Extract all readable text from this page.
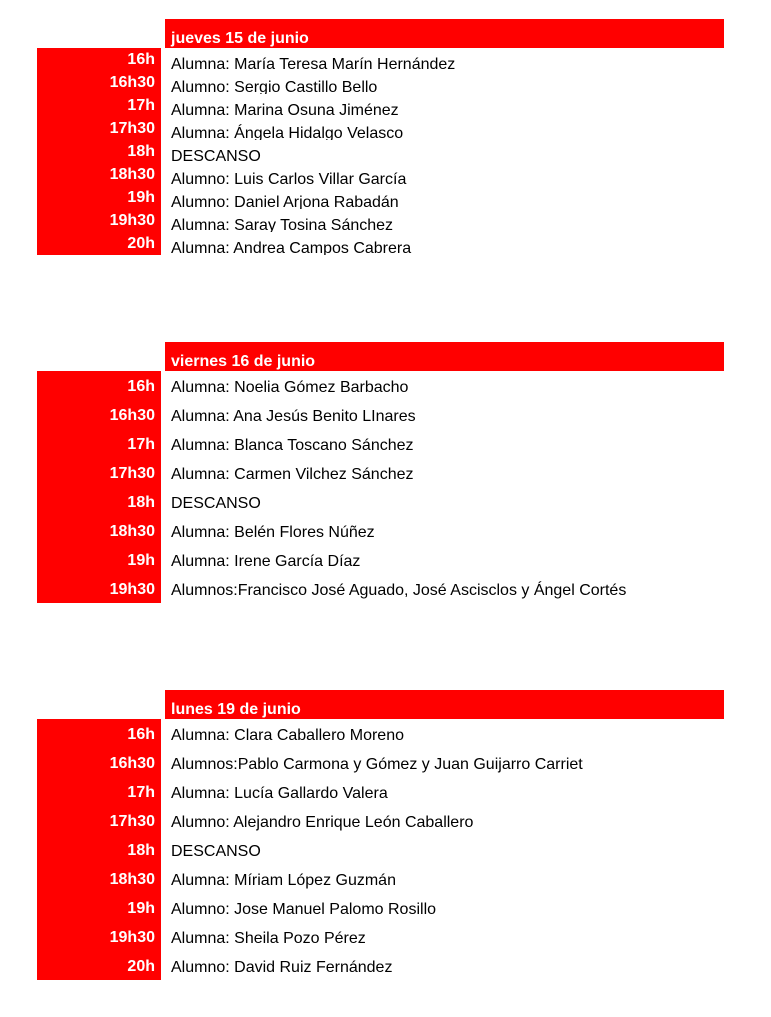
jueves 15 de junio
16h	Alumna: María Teresa Marín Hernández
16h30	Alumno: Sergio Castillo Bello
17h	Alumna: Marina Osuna Jiménez
17h30	Alumna: Ángela Hidalgo Velasco
18h	DESCANSO
18h30	Alumno: Luis Carlos Villar García
19h	Alumno: Daniel Arjona Rabadán
19h30	Alumna: Saray Tosina Sánchez
20h	Alumna: Andrea Campos Cabrera
viernes 16 de junio
16h	Alumna: Noelia Gómez Barbacho
16h30	Alumna: Ana Jesús Benito LInares
17h	Alumna: Blanca Toscano Sánchez
17h30	Alumna: Carmen Vilchez Sánchez
18h	DESCANSO
18h30	Alumna: Belén Flores Núñez
19h	Alumna: Irene García Díaz
19h30	Alumnos:Francisco José Aguado, José Ascisclos y Ángel Cortés
lunes 19 de junio
16h	Alumna: Clara Caballero Moreno
16h30	Alumnos:Pablo Carmona y Gómez y Juan Guijarro Carriet
17h	Alumna: Lucía Gallardo Valera
17h30	Alumno: Alejandro Enrique León Caballero
18h	DESCANSO
18h30	Alumna: Míriam López Guzmán
19h	Alumno: Jose Manuel Palomo Rosillo
19h30	Alumna: Sheila Pozo Pérez
20h	Alumno: David Ruiz Fernández
